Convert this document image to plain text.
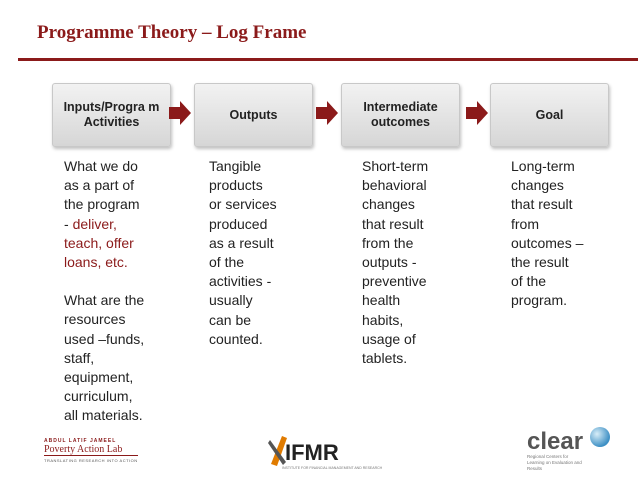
Programme Theory – Log Frame
Inputs/Progra m Activities
Outputs
Intermediate outcomes
Goal
What we do
as a part of
the program
- deliver,
teach, offer
loans, etc.
What are the
resources
used –funds,
staff,
equipment,
curriculum,
all materials.
Tangible
products
or services
produced
as a result
of the
activities -
usually
can be
counted.
Short-term
behavioral
changes
that result
from the
outputs -
preventive
health
habits,
usage of
tablets.
Long-term
changes
that result
from
outcomes –
the result
of the
program.
ABDUL LATIF JAMEEL
Poverty Action Lab
TRANSLATING RESEARCH INTO ACTION	IFMR
INSTITUTE FOR FINANCIAL MANAGEMENT AND RESEARCH
clear
Regional Centers for Learning on Evaluation and Results
